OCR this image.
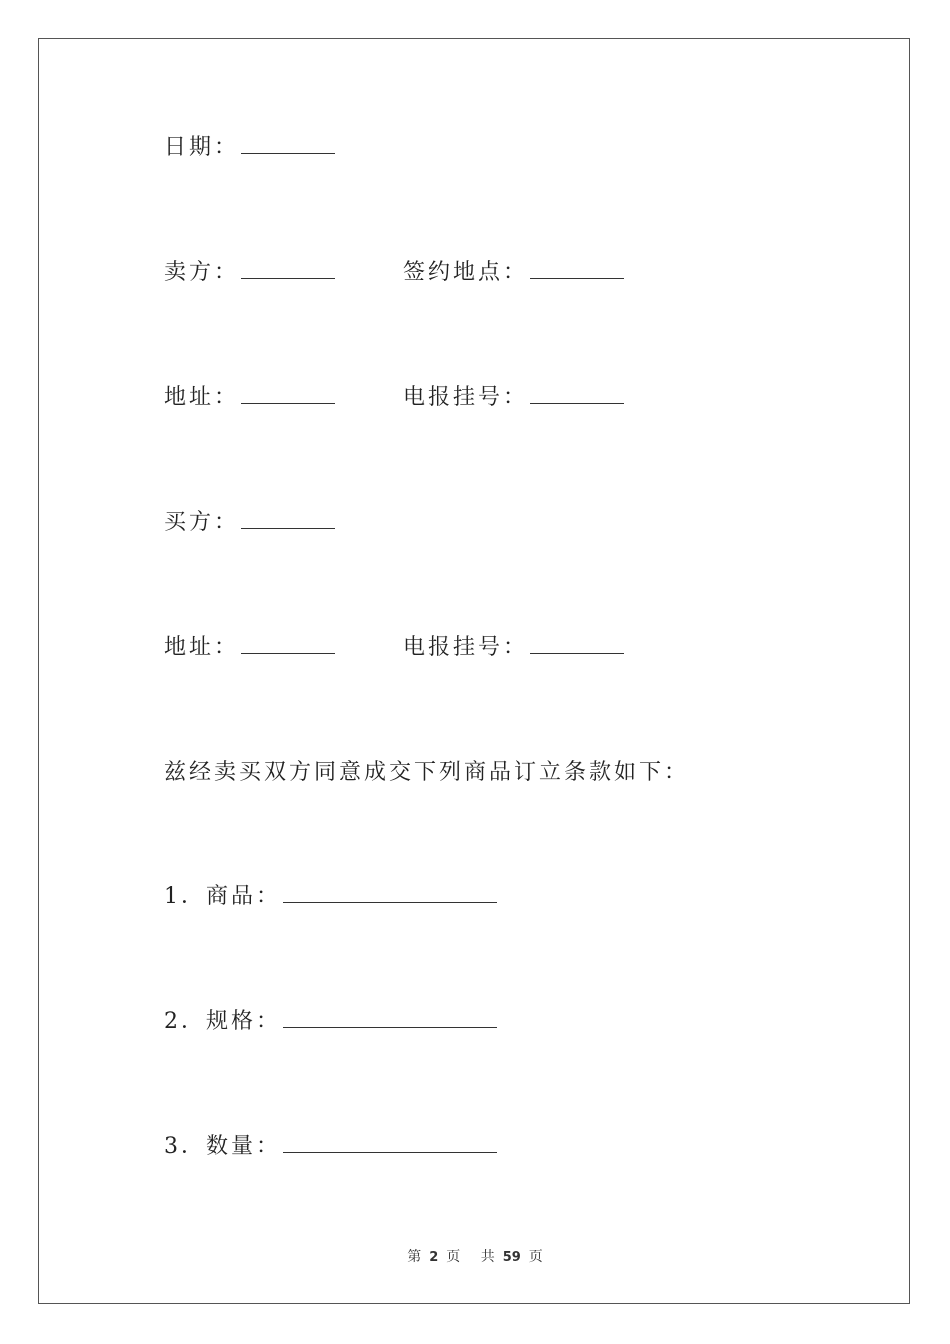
日期：
卖方：	签约地点：
地址：	电报挂号：
买方：
地址：	电报挂号：
兹经卖买双方同意成交下列商品订立条款如下：
1．商品：
2．规格：
3．数量：
第 2 页 共 59 页
